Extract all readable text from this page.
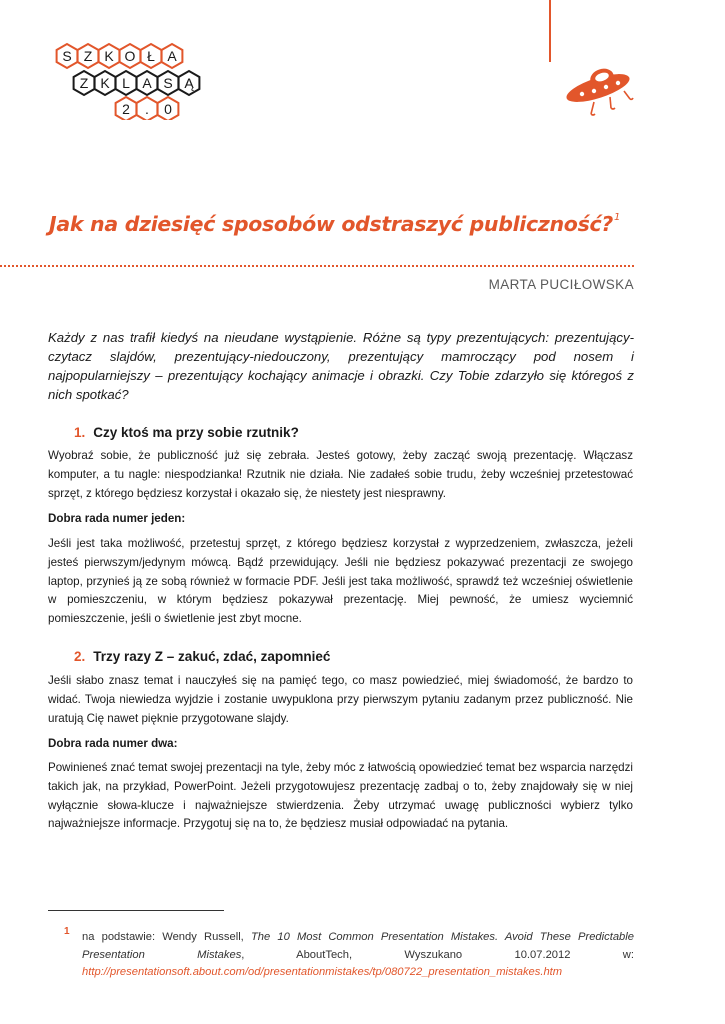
S Z K O Ł A
Z K L A S Ą
2 . 0
Jak na dziesięć sposobów odstraszyć publiczność?$^1$
MARTA PUCIŁOWSKA
Każdy z nas trafił kiedyś na nieudane wystąpienie. Różne są typy prezentujących: prezentujący-czytacz slajdów, prezentujący-niedouczony, prezentujący mamroczący pod nosem i najpopularniejszy – prezentujący kochający animacje i obrazki. Czy Tobie zdarzyło się któregoś z nich spotkać?
1. Czy ktoś ma przy sobie rzutnik?
Wyobraź sobie, że publiczność już się zebrała. Jesteś gotowy, żeby zacząć swoją prezentację. Włączasz komputer, a tu nagle: niespodzianka! Rzutnik nie działa. Nie zadałeś sobie trudu, żeby wcześniej przetestować sprzęt, z którego będziesz korzystał i okazało się, że niestety jest niesprawny.
Dobra rada numer jeden:
Jeśli jest taka możliwość, przetestuj sprzęt, z którego będziesz korzystał z wyprzedzeniem, zwłaszcza, jeżeli jesteś pierwszym/jedynym mówcą. Bądź przewidujący. Jeśli nie będziesz pokazywać prezentacji ze swojego laptop, przynieś ją ze sobą również w formacie PDF. Jeśli jest taka możliwość, sprawdź też wcześniej oświetlenie w pomieszczeniu, w którym będziesz pokazywał prezentację. Miej pewność, że umiesz wyciemnić pomieszczenie, jeśli o świetlenie jest zbyt mocne.
2. Trzy razy Z – zakuć, zdać, zapomnieć
Jeśli słabo znasz temat i nauczyłeś się na pamięć tego, co masz powiedzieć, miej świadomość, że bardzo to widać. Twoja niewiedza wyjdzie i zostanie uwypuklona przy pierwszym pytaniu zadanym przez publiczność. Nie uratują Cię nawet pięknie przygotowane slajdy.
Dobra rada numer dwa:
Powinieneś znać temat swojej prezentacji na tyle, żeby móc z łatwością opowiedzieć temat bez wsparcia narzędzi takich jak, na przykład, PowerPoint. Jeżeli przygotowujesz prezentację zadbaj o to, żeby znajdowały się w niej wyłącznie słowa-klucze i najważniejsze stwierdzenia. Żeby utrzymać uwagę publiczności wybierz tylko najważniejsze informacje. Przygotuj się na to, że będziesz musiał odpowiadać na pytania.
1 na podstawie: Wendy Russell, The 10 Most Common Presentation Mistakes. Avoid These Predictable Presentation Mistakes, AboutTech, Wyszukano 10.07.2012 w: http://presentationsoft.about.com/od/presentationmistakes/tp/080722_presentation_mistakes.htm
